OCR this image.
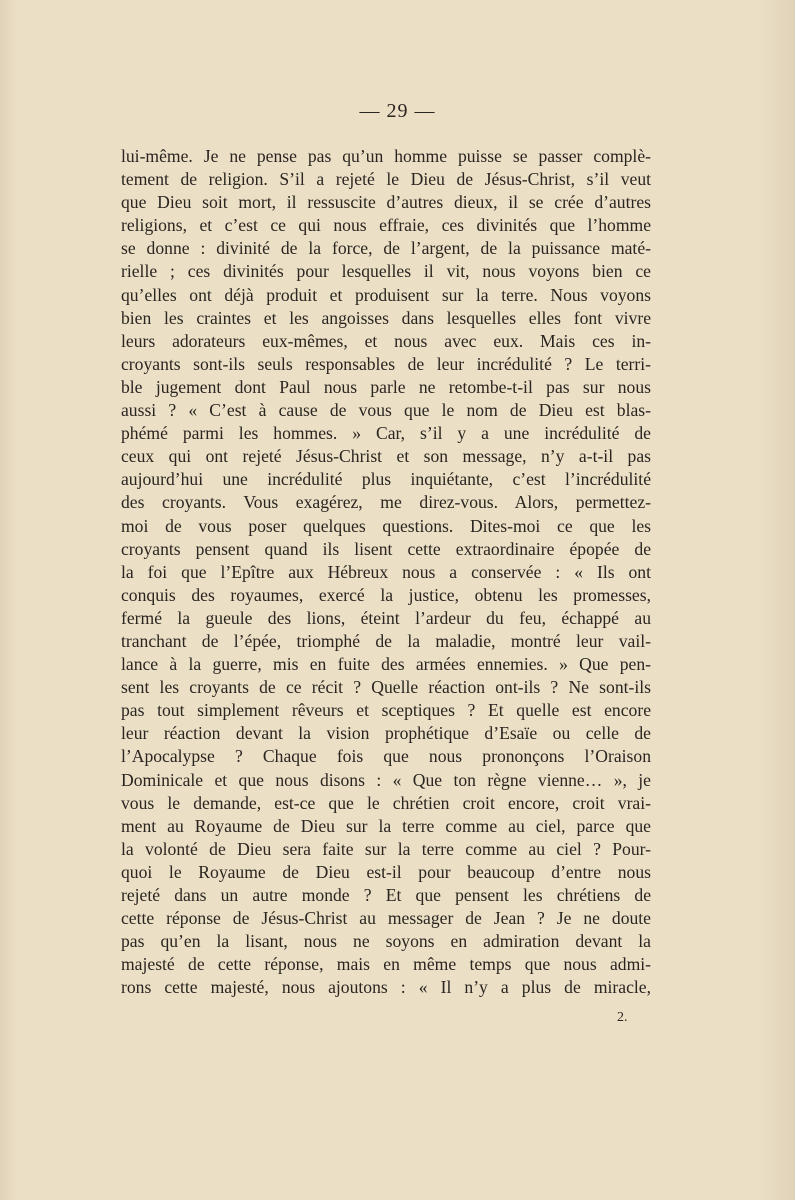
— 29 —
lui-même. Je ne pense pas qu’un homme puisse se passer complè-
tement de religion. S’il a rejeté le Dieu de Jésus-Christ, s’il veut
que Dieu soit mort, il ressuscite d’autres dieux, il se crée d’autres
religions, et c’est ce qui nous effraie, ces divinités que l’homme
se donne : divinité de la force, de l’argent, de la puissance maté-
rielle ; ces divinités pour lesquelles il vit, nous voyons bien ce
qu’elles ont déjà produit et produisent sur la terre. Nous voyons
bien les craintes et les angoisses dans lesquelles elles font vivre
leurs adorateurs eux-mêmes, et nous avec eux. Mais ces in-
croyants sont-ils seuls responsables de leur incrédulité ? Le terri-
ble jugement dont Paul nous parle ne retombe-t-il pas sur nous
aussi ? « C’est à cause de vous que le nom de Dieu est blas-
phémé parmi les hommes. » Car, s’il y a une incrédulité de
ceux qui ont rejeté Jésus-Christ et son message, n’y a-t-il pas
aujourd’hui une incrédulité plus inquiétante, c’est l’incrédulité
des croyants. Vous exagérez, me direz-vous. Alors, permettez-
moi de vous poser quelques questions. Dites-moi ce que les
croyants pensent quand ils lisent cette extraordinaire épopée de
la foi que l’Epître aux Hébreux nous a conservée : « Ils ont
conquis des royaumes, exercé la justice, obtenu les promesses,
fermé la gueule des lions, éteint l’ardeur du feu, échappé au
tranchant de l’épée, triomphé de la maladie, montré leur vail-
lance à la guerre, mis en fuite des armées ennemies. » Que pen-
sent les croyants de ce récit ? Quelle réaction ont-ils ? Ne sont-ils
pas tout simplement rêveurs et sceptiques ? Et quelle est encore
leur réaction devant la vision prophétique d’Esaïe ou celle de
l’Apocalypse ? Chaque fois que nous prononçons l’Oraison
Dominicale et que nous disons : « Que ton règne vienne… », je
vous le demande, est-ce que le chrétien croit encore, croit vrai-
ment au Royaume de Dieu sur la terre comme au ciel, parce que
la volonté de Dieu sera faite sur la terre comme au ciel ? Pour-
quoi le Royaume de Dieu est-il pour beaucoup d’entre nous
rejeté dans un autre monde ? Et que pensent les chrétiens de
cette réponse de Jésus-Christ au messager de Jean ? Je ne doute
pas qu’en la lisant, nous ne soyons en admiration devant la
majesté de cette réponse, mais en même temps que nous admi-
rons cette majesté, nous ajoutons : « Il n’y a plus de miracle,
2.
